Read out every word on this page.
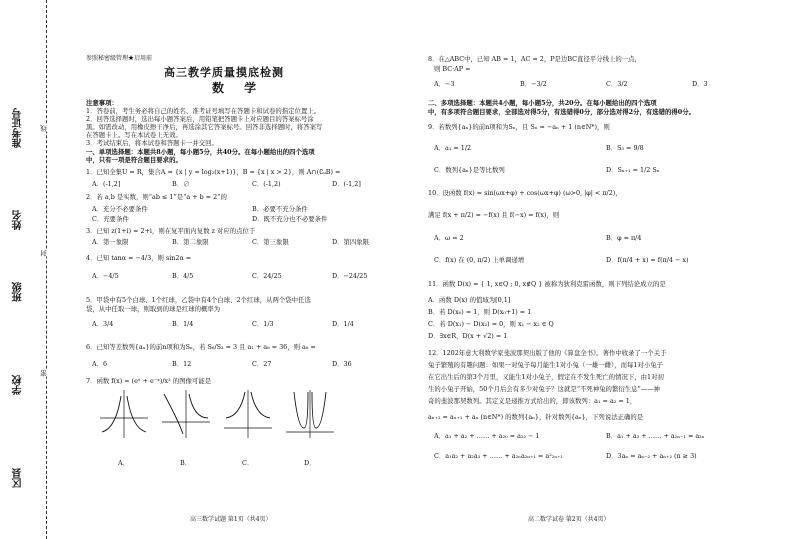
区县
学校
班级
姓名
准考证号
密
封
线
参照秘密级管理★启用前
高三教学质量摸底检测
数 学
注意事项：
1．答卷前，考生务必将自己的姓名、准考证号填写在答题卡和试卷的指定位置上。
2．回答选择题时，选出每小题答案后，用铅笔把答题卡上对应题目的答案标号涂
黑。如需改动，用橡皮擦干净后，再选涂其它答案标号。回答非选择题时，将答案写
在答题卡上。写在本试卷上无效。
3．考试结束后，将本试卷和答题卡一并交回。
一、单项选择题：本题共8小题，每小题5分，共40分。在每小题给出的四个选项
中，只有一项是符合题目要求的。
1．已知全集U = R，集合A = {x | y = log₂(x+1)}，B = {x | x > 2}，则 A∩(∁ᵤB) =
A．(-1,2]	B．∅	C．(-1,2)	D．(-1,2]
2．若 a,b 是实数，则“ab ≤ 1”是“a + b = 2”的
A．充分不必要条件	B．必要不充分条件
C．充要条件	D．既不充分也不必要条件
3．已知 z(1+i) = 2+i，则在复平面内复数 z 对应的点位于
A．第一象限	B．第二象限	C．第三象限	D．第四象限
4．已知 tanα = −4/3，则 sin2α =
A．−4/5	B．4/5	C．24/25	D．−24/25
5．甲袋中有5个白球、1个红球，乙袋中有4个白球、2个红球，从两个袋中任选
袋，从中任取一球，则取到的球是红球的概率为
A．3/4	B．1/4	C．1/3	D．1/4
6．已知等差数列{aₙ}的前n项和为Sₙ，若 S₆/S₃ = 3 且 a₁ + a₆ = 36，则 a₆ =
A．6	B．12	C．27	D．36
7．函数 f(x) = (eˣ + e⁻ˣ)/x² 的图像可能是
A．	B．	C．	D．
高三数学试题 第1页（共4页）
8．在△ABC中，已知 AB = 1，AC = 2，P是边BC直径平分线上的一点，
则 BC·AP =
A．−3	B．−3/2	C．3/2	D．3
二、多项选择题：本题共4小题，每小题5分，共20分。在每小题给出的四个选项
中，有多项符合题目要求，全部选对得5分，有选错得0分，部分选对得2分，有选错的得0分。
9．若数列{aₙ}的前n项和为Sₙ，且 Sₙ = −aₙ + 1 (n∈N*)，则
A．a₁ = 1/2	B．S₅ = 9/8
C．数列{aₙ}是等比数列	D．Sₙ₊₁ = 1/2 Sₙ
10．设函数 f(x) = sin(ωx+φ) + cos(ωx+φ) (ω>0, |φ| < π/2)，
满足 f(x + π/2) = −f(x) 且 f(−x) = f(x)，则
A．ω = 2	B．φ = π/4
C．f(x) 在 (0, π/2) 上单调递增	D．f(π/4 + x) = f(π/4 − x)
11．函数 D(x) = { 1, x∈Q ; 0, x∉Q } 被称为狄利克雷函数，则下列结论成立的是
A．函数 D(x) 的值域为[0,1]
B．若 D(x₀) = 1，则 D(x₀+1) = 1
C．若 D(x₁) − D(x₂) = 0，则 x₁ − x₂ ∈ Q
D．∃x∈R，D(x + √2) = 1
12．1202年意大利数学家斐波那契出版了他的《算盘全书》。著作中收录了一个关于
兔子繁殖的有趣问题：如果一对兔子每月能生1对小兔（一雄一雌），而每1对小兔子
在它出生后的第3个月里，又能生1对小兔子，假定在不发生死亡的情况下，由1对初
生的小兔子开始，50个月后会有多少对兔子？这就是“不死神兔的繁衍生息”——神
奇的斐波那契数列。其定义是递推方式给出的，即该数列：a₁ = a₂ = 1，
aₙ₊₂ = aₙ₊₁ + aₙ (n∈N*) 的数列{aₙ}，针对数列{aₙ}，下列说法正确的是
A．a₁ + a₂ + …… + a₂₀ = a₂₂ − 1	B．a₁ + a₃ + …… + a₂ₙ₋₁ = a₂ₙ
C．a₁a₂ + a₂a₃ + …… + a₂ₙa₂ₙ₊₁ = a²₂ₙ₊₁	D．3aₙ = aₙ₋₂ + aₙ₊₂ (n ≥ 3)
高二数学试卷 第2页（共4页）
